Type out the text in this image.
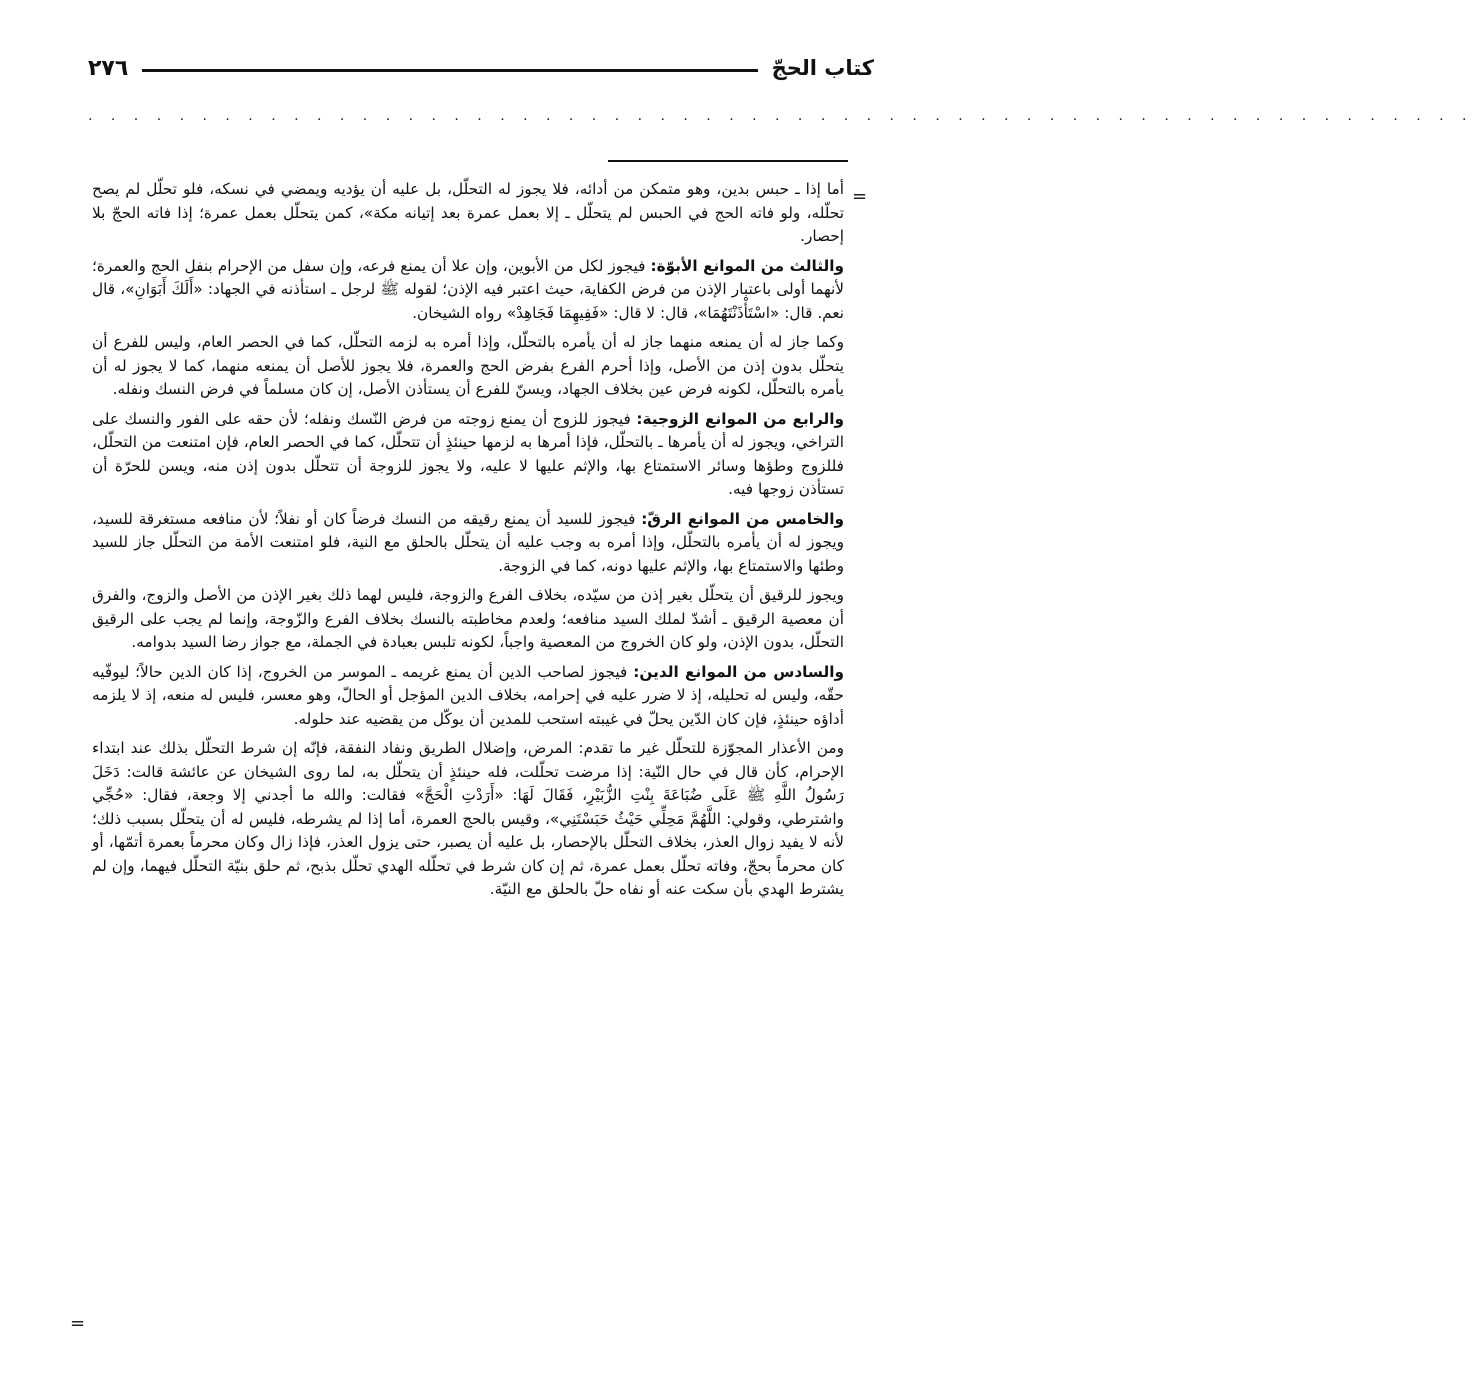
كتاب الحجّ
٢٧٦
. . . . . . . . . . . . . . . . . . . . . . . . . . . . . . . . . . . . . . . . . . . . . . . . . . . . . . . . . . . . .
=
=

أما إذا ـ حبس بدين، وهو متمكن من أدائه، فلا يجوز له التحلّل، بل عليه أن يؤديه ويمضي في نسكه، فلو تحلّل لم يصح تحلّله، ولو فاته الحج في الحبس لم يتحلّل ـ إلا بعمل عمرة بعد إتيانه مكة»، كمن يتحلّل بعمل عمرة؛ إذا فاته الحجّ بلا إحصار.

والثالث من الموانع الأبوّة: فيجوز لكل من الأبوين، وإن علا أن يمنع فرعه، وإن سفل من الإحرام بنفل الحج والعمرة؛ لأنهما أولى باعتبار الإذن من فرض الكفاية، حيث اعتبر فيه الإذن؛ لقوله ﷺ لرجل ـ استأذنه في الجهاد: «أَلَكَ أَبَوَانِ»، قال نعم. قال: «اسْتَأْذَنْتَهُمَا»، قال: لا قال: «فَفِيهِمَا فَجَاهِدْ» رواه الشيخان.

وكما جاز له أن يمنعه منهما جاز له أن يأمره بالتحلّل، وإذا أمره به لزمه التحلّل، كما في الحصر العام، وليس للفرع أن يتحلّل بدون إذن من الأصل، وإذا أحرم الفرع بفرض الحج والعمرة، فلا يجوز للأصل أن يمنعه منهما، كما لا يجوز له أن يأمره بالتحلّل، لكونه فرض عين بخلاف الجهاد، ويسنّ للفرع أن يستأذن الأصل، إن كان مسلماً في فرض النسك ونفله.

والرابع من الموانع الزوجية: فيجوز للزوج أن يمنع زوجته من فرض النّسك ونفله؛ لأن حقه على الفور والنسك على التراخي، ويجوز له أن يأمرها ـ بالتحلّل، فإذا أمرها به لزمها حينئذٍ أن تتحلّل، كما في الحصر العام، فإن امتنعت من التحلّل، فللزوج وطؤها وسائر الاستمتاع بها، والإثم عليها لا عليه، ولا يجوز للزوجة أن تتحلّل بدون إذن منه، ويسن للحرّة أن تستأذن زوجها فيه.

والخامس من الموانع الرقّ: فيجوز للسيد أن يمنع رقيقه من النسك فرضاً كان أو نفلاً؛ لأن منافعه مستغرقة للسيد، ويجوز له أن يأمره بالتحلّل، وإذا أمره به وجب عليه أن يتحلّل بالحلق مع النية، فلو امتنعت الأمة من التحلّل جاز للسيد وطئها والاستمتاع بها، والإثم عليها دونه، كما في الزوجة.

ويجوز للرقيق أن يتحلّل بغير إذن من سيّده، بخلاف الفرع والزوجة، فليس لهما ذلك بغير الإذن من الأصل والزوج، والفرق أن معصية الرقيق ـ أشدّ لملك السيد منافعه؛ ولعدم مخاطبته بالنسك بخلاف الفرع والزّوجة، وإنما لم يجب على الرقيق التحلّل، بدون الإذن، ولو كان الخروج من المعصية واجباً، لكونه تلبس بعبادة في الجملة، مع جواز رضا السيد بدوامه.

والسادس من الموانع الدين: فيجوز لصاحب الدين أن يمنع غريمه ـ الموسر من الخروج، إذا كان الدين حالاً؛ ليوفّيه حقّه، وليس له تحليله، إذ لا ضرر عليه في إحرامه، بخلاف الدين المؤجل أو الحالّ، وهو معسر، فليس له منعه، إذ لا يلزمه أداؤه حينئذٍ، فإن كان الدّين يحلّ في غيبته استحب للمدين أن يوكّل من يقضيه عند حلوله.

ومن الأعذار المجوّزة للتحلّل غير ما تقدم: المرض، وإضلال الطريق ونفاد النفقة، فإنّه إن شرط التحلّل بذلك عند ابتداء الإحرام، كأن قال في حال النّية: إذا مرضت تحلّلت، فله حينئذٍ أن يتحلّل به، لما روى الشيخان عن عائشة قالت: دَخَلَ رَسُولُ اللَّهِ ﷺ عَلَى ضُبَاعَةَ بِنْتِ الزُّبَيْرِ، فَقَالَ لَهَا: «أَرَدْتِ الْحَجَّ» فقالت: والله ما أجدني إلا وجعة، فقال: «حُجِّي واشترطي، وقولي: اللَّهُمَّ مَحِلِّي حَيْثُ حَبَسْتَنِي»، وقيس بالحج العمرة، أما إذا لم يشرطه، فليس له أن يتحلّل بسبب ذلك؛ لأنه لا يفيد زوال العذر، بخلاف التحلّل بالإحصار، بل عليه أن يصبر، حتى يزول العذر، فإذا زال وكان محرماً بعمرة أتمّها، أو كان محرماً بحجّ، وفاته تحلّل بعمل عمرة، ثم إن كان شرط في تحلّله الهدي تحلّل بذبح، ثم حلق بنيّة التحلّل فيهما، وإن لم يشترط الهدي بأن سكت عنه أو نفاه حلّ بالحلق مع النيّة.
